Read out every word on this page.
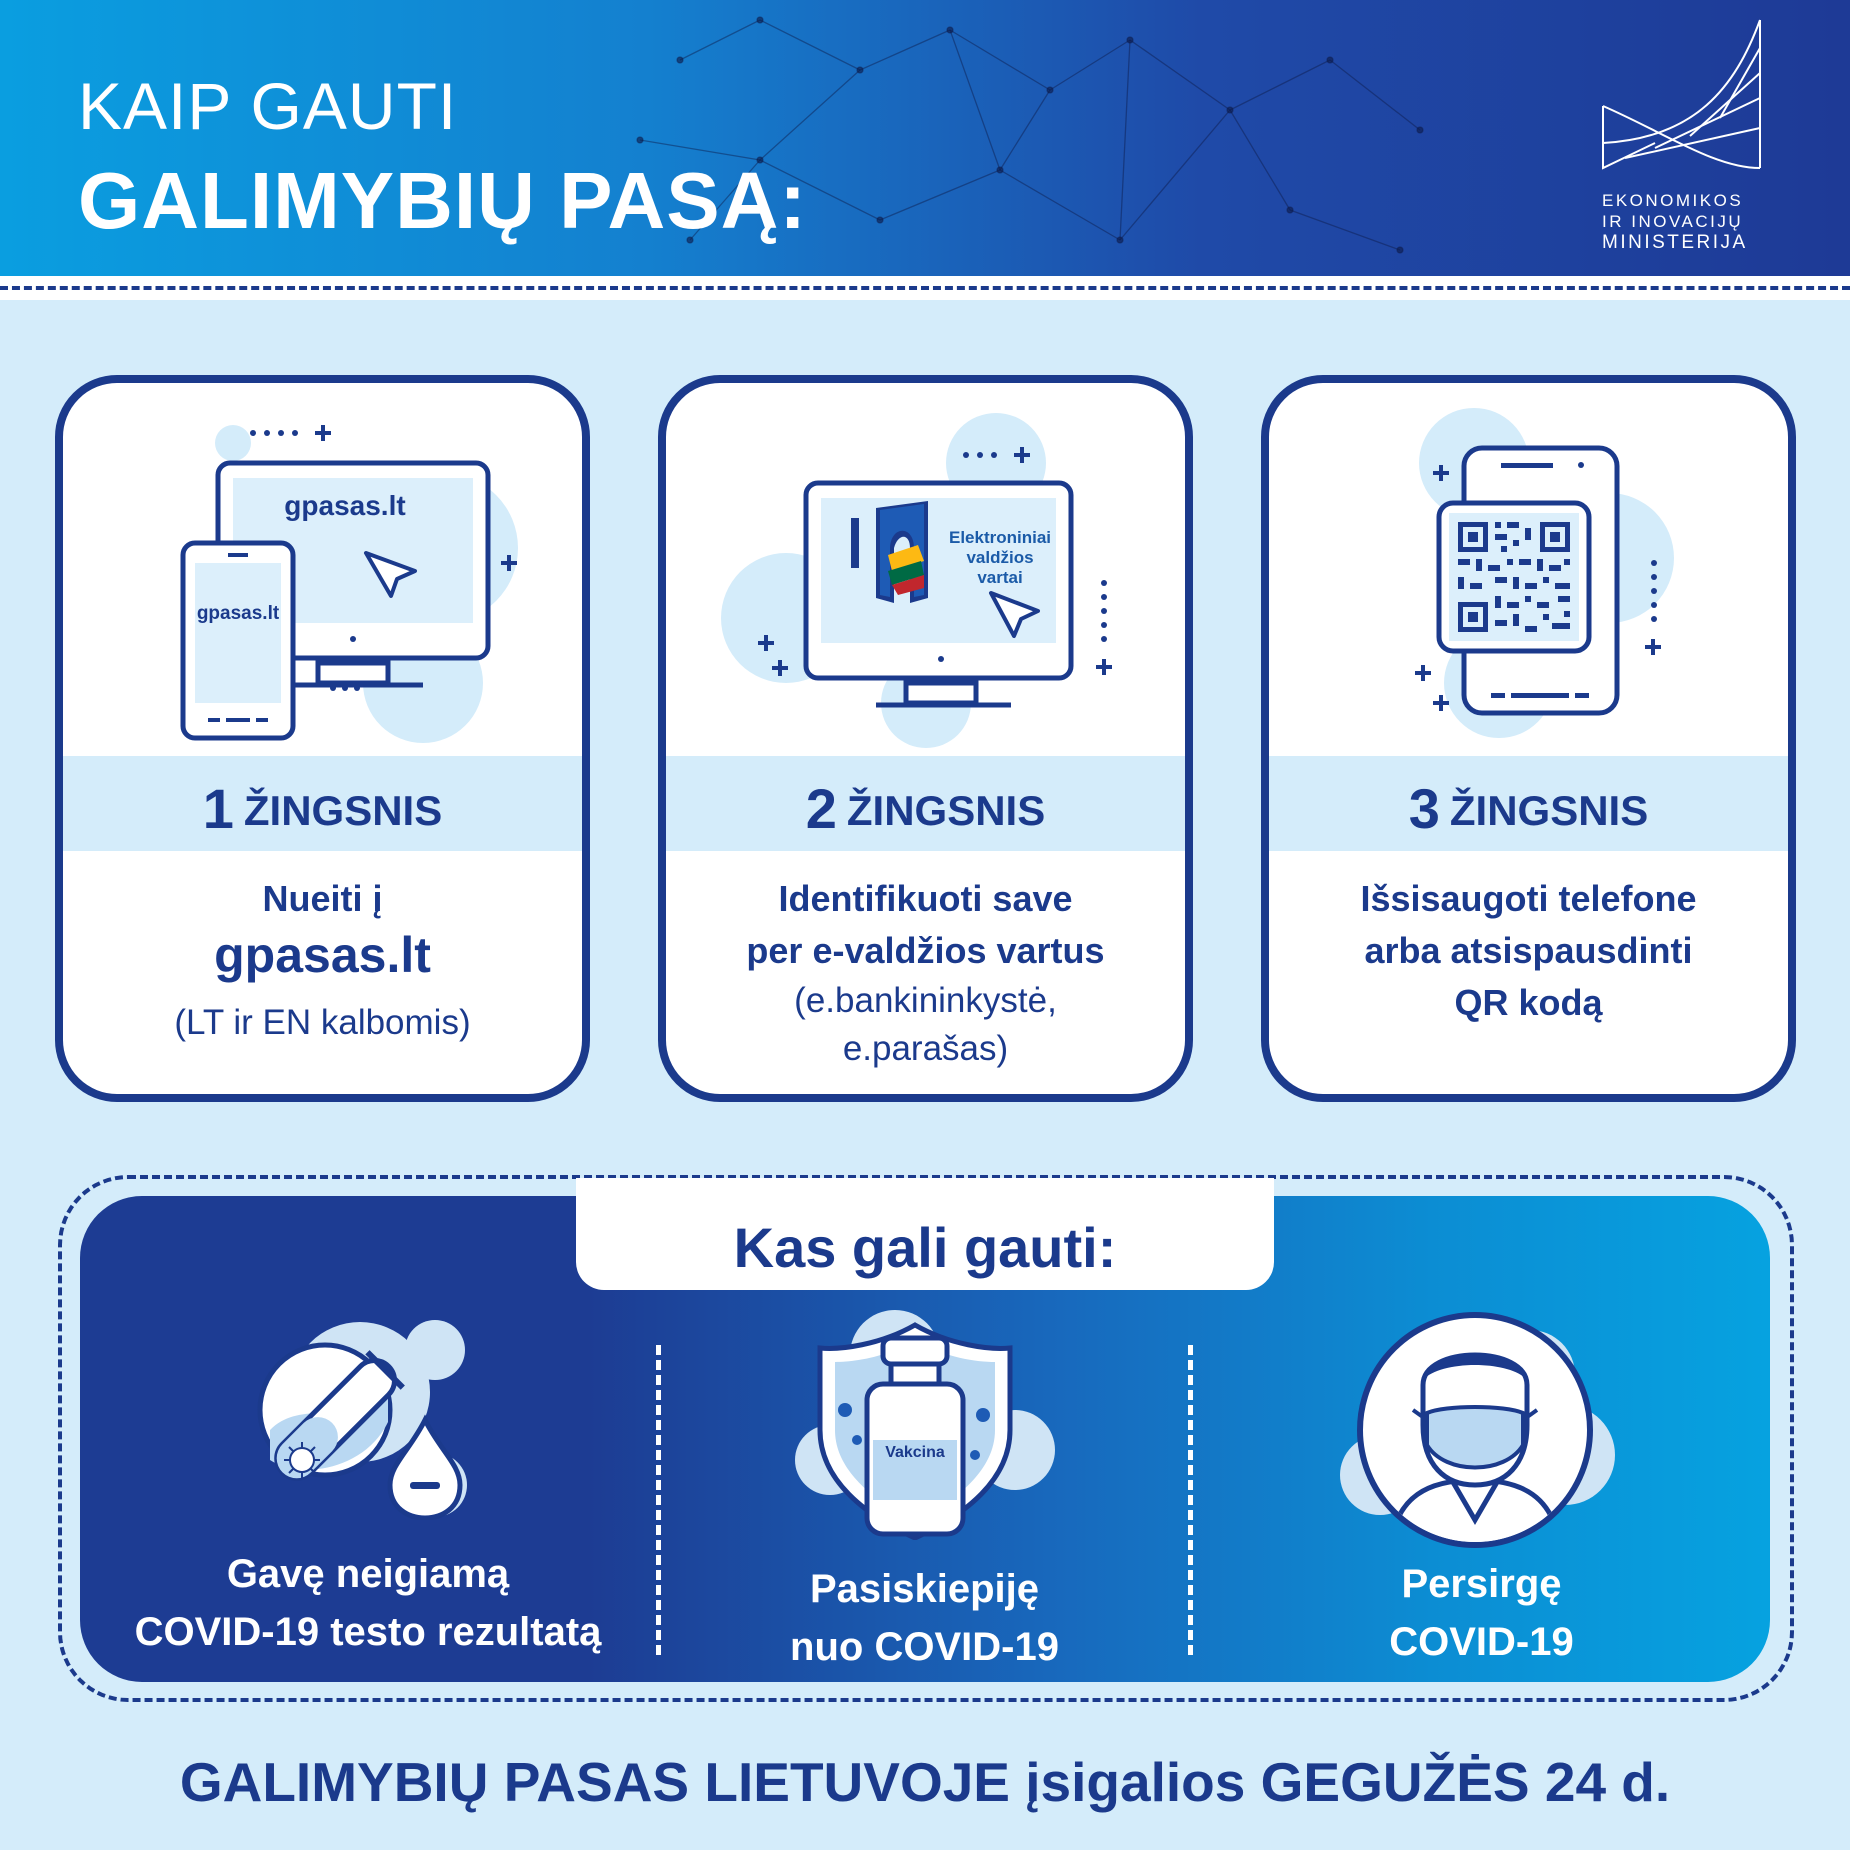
KAIP GAUTI
GALIMYBIŲ PASĄ:	EKONOMIKOS
IR INOVACIJŲ
MINISTERIJA
gpasas.lt
gpasas.lt
1 ŽINGSNIS
Nueiti į
gpasas.lt
(LT ir EN kalbomis)
Elektroniniai
valdžios
vartai
2 ŽINGSNIS
Identifikuoti save
per e-valdžios vartus
(e.bankininkystė,
e.parašas)
3 ŽINGSNIS
Išsisaugoti telefone
arba atsispausdinti
QR kodą
Kas gali gauti:
Gavę neigiamą
COVID-19 testo rezultatą
Vakcina
Pasiskiepiję
nuo COVID-19
Persirgę
COVID-19
GALIMYBIŲ PASAS LIETUVOJE įsigalios GEGUŽĖS 24 d.
